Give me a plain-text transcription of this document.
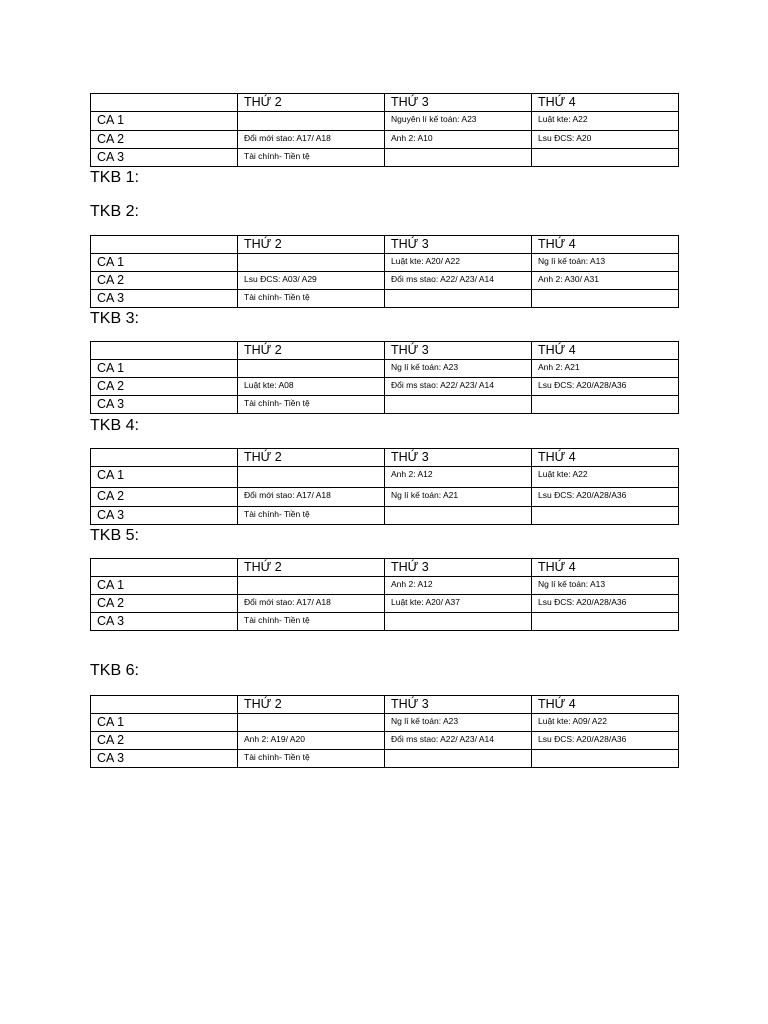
	THỨ 2	THỨ 3	THỨ 4
CA 1		Nguyên lí kế toán: A23	Luật kte: A22
CA 2	Đổi mới stao: A17/ A18	Anh 2: A10	Lsu ĐCS: A20
CA 3	Tài chính- Tiền tệ		
TKB 1:
TKB 2:
	THỨ 2	THỨ 3	THỨ 4
CA 1		Luật kte: A20/ A22	Ng lí kế toán: A13
CA 2	Lsu ĐCS: A03/ A29	Đổi ms stao: A22/ A23/ A14	Anh 2: A30/ A31
CA 3	Tài chính- Tiền tệ		
TKB 3:
	THỨ 2	THỨ 3	THỨ 4
CA 1		Ng lí kế toán: A23	Anh 2: A21
CA 2	Luật kte: A08	Đổi ms stao: A22/ A23/ A14	Lsu ĐCS: A20/A28/A36
CA 3	Tài chính- Tiền tệ		
TKB 4:
	THỨ 2	THỨ 3	THỨ 4
CA 1		Anh 2: A12	Luật kte: A22
CA 2	Đổi mới stao: A17/ A18	Ng lí kế toán: A21	Lsu ĐCS: A20/A28/A36
CA 3	Tài chính- Tiền tệ		
TKB 5:
	THỨ 2	THỨ 3	THỨ 4
CA 1		Anh 2: A12	Ng lí kế toán: A13
CA 2	Đổi mới stao: A17/ A18	Luật kte: A20/ A37	Lsu ĐCS: A20/A28/A36
CA 3	Tài chính- Tiền tệ		
TKB 6:
	THỨ 2	THỨ 3	THỨ 4
CA 1		Ng lí kế toán: A23	Luật kte: A09/ A22
CA 2	Anh 2: A19/ A20	Đổi ms stao: A22/ A23/ A14	Lsu ĐCS: A20/A28/A36
CA 3	Tài chính- Tiền tệ		
